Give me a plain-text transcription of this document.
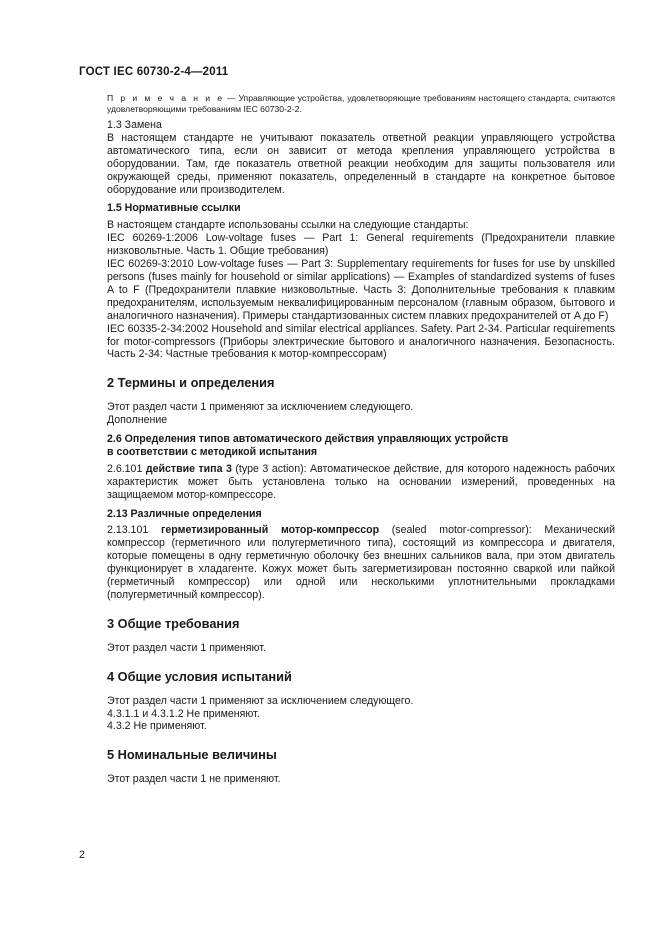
ГОСТ IEC 60730-2-4—2011

П р и м е ч а н и е — Управляющие устройства, удовлетворяющие требованиям настоящего стандарта, считаются удовлетворяющими требованиям IEC 60730-2-2.

1.3 Замена

В настоящем стандарте не учитывают показатель ответной реакции управляющего устройства автоматического типа, если он зависит от метода крепления управляющего устройства в оборудовании. Там, где показатель ответной реакции необходим для защиты пользователя или окружающей среды, применяют показатель, определенный в стандарте на конкретное бытовое оборудование или производителем.

1.5 Нормативные ссылки

В настоящем стандарте использованы ссылки на следующие стандарты:

IEC 60269-1:2006 Low-voltage fuses — Part 1: General requirements (Предохранители плавкие низковольтные. Часть 1. Общие требования)

IEC 60269-3:2010 Low-voltage fuses — Part 3: Supplementary requirements for fuses for use by unskilled persons (fuses mainly for household or similar applications) — Examples of standardized systems of fuses A to F (Предохранители плавкие низковольтные. Часть 3: Дополнительные требования к плавким предохранителям, используемым неквалифицированным персоналом (главным образом, бытового и аналогичного назначения). Примеры стандартизованных систем плавких предохранителей от A до F)

IEC 60335-2-34:2002 Household and similar electrical appliances. Safety. Part 2-34. Particular requirements for motor-compressors (Приборы электрические бытового и аналогичного назначения. Безопасность. Часть 2-34: Частные требования к мотор-компрессорам)

2 Термины и определения

Этот раздел части 1 применяют за исключением следующего.

Дополнение

2.6 Определения типов автоматического действия управляющих устройств
в соответствии с методикой испытания

2.6.101 действие типа 3 (type 3 action): Автоматическое действие, для которого надежность рабочих характеристик может быть установлена только на основании измерений, проведенных на защищаемом мотор-компрессоре.

2.13 Различные определения

2.13.101 герметизированный мотор-компрессор (sealed motor-compressor): Механический компрессор (герметичного или полугерметичного типа), состоящий из компрессора и двигателя, которые помещены в одну герметичную оболочку без внешних сальников вала, при этом двигатель функционирует в хладагенте. Кожух может быть загерметизирован постоянно сваркой или пайкой (герметичный компрессор) или одной или несколькими уплотнительными прокладками (полугерметичный компрессор).

3 Общие требования

Этот раздел части 1 применяют.

4 Общие условия испытаний

Этот раздел части 1 применяют за исключением следующего.

4.3.1.1 и 4.3.1.2 Не применяют.

4.3.2 Не применяют.

5 Номинальные величины

Этот раздел части 1 не применяют.

2
